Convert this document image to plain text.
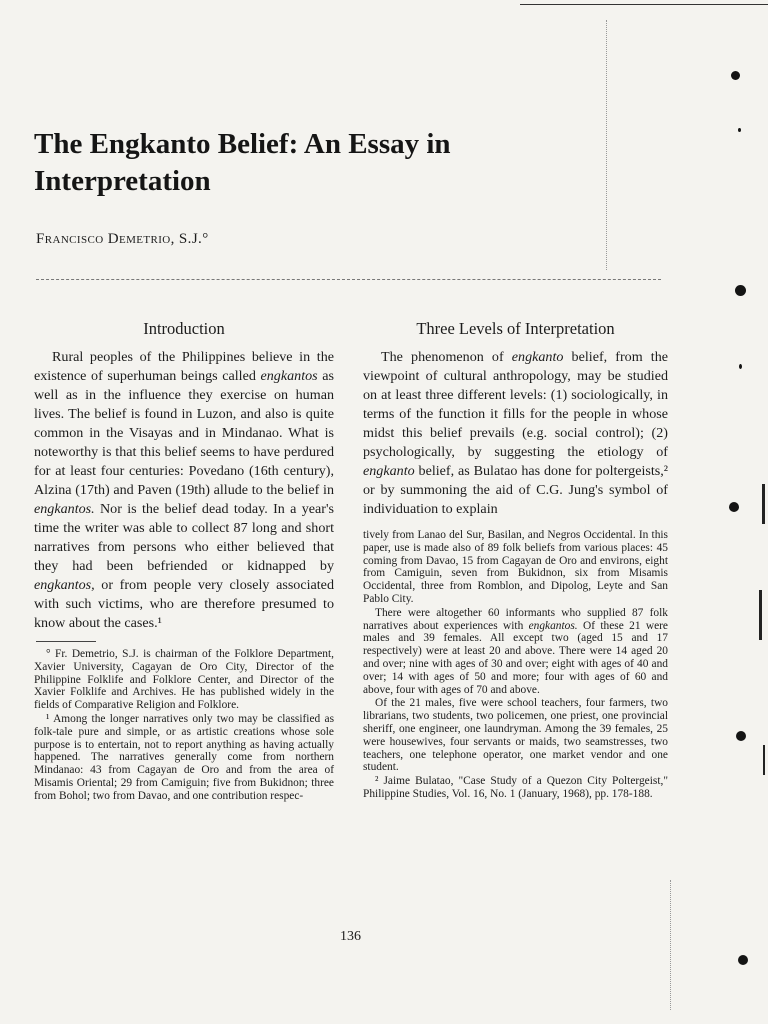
The Engkanto Belief: An Essay in Interpretation

Francisco Demetrio, S.J.°

Introduction

Rural peoples of the Philippines believe in the existence of superhuman beings called engkantos as well as in the influence they exercise on human lives. The belief is found in Luzon, and also is quite common in the Visayas and in Mindanao. What is noteworthy is that this belief seems to have perdured for at least four centuries: Povedano (16th century), Alzina (17th) and Paven (19th) allude to the belief in engkantos. Nor is the belief dead today. In a year's time the writer was able to collect 87 long and short narratives from persons who either believed that they had been befriended or kidnapped by engkantos, or from people very closely associated with such victims, who are therefore presumed to know about the cases.¹

° Fr. Demetrio, S.J. is chairman of the Folklore Department, Xavier University, Cagayan de Oro City, Director of the Philippine Folklife and Folklore Center, and Director of the Xavier Folklife and Archives. He has published widely in the fields of Comparative Religion and Folklore.

¹ Among the longer narratives only two may be classified as folk-tale pure and simple, or as artistic creations whose sole purpose is to entertain, not to report anything as having actually happened. The narratives generally come from northern Mindanao: 43 from Cagayan de Oro and from the area of Misamis Oriental; 29 from Camiguin; five from Bukidnon; three from Bohol; two from Davao, and one contribution respec-

Three Levels of Interpretation

The phenomenon of engkanto belief, from the viewpoint of cultural anthropology, may be studied on at least three different levels: (1) sociologically, in terms of the function it fills for the people in whose midst this belief prevails (e.g. social control); (2) psychologically, by suggesting the etiology of engkanto belief, as Bulatao has done for poltergeists,² or by summoning the aid of C.G. Jung's symbol of individuation to explain

tively from Lanao del Sur, Basilan, and Negros Occidental. In this paper, use is made also of 89 folk beliefs from various places: 45 coming from Davao, 15 from Cagayan de Oro and environs, eight from Camiguin, seven from Bukidnon, six from Misamis Occidental, three from Romblon, and Dipolog, Leyte and San Pablo City.

There were altogether 60 informants who supplied 87 folk narratives about experiences with engkantos. Of these 21 were males and 39 females. All except two (aged 15 and 17 respectively) were at least 20 and above. There were 14 aged 20 and over; nine with ages of 30 and over; eight with ages of 40 and over; 14 with ages of 50 and more; four with ages of 60 and above, four with ages of 70 and above.

Of the 21 males, five were school teachers, four farmers, two librarians, two students, two policemen, one priest, one provincial sheriff, one engineer, one laundryman. Among the 39 females, 25 were housewives, four servants or maids, two seamstresses, two teachers, one telephone operator, one market vendor and one student.

² Jaime Bulatao, "Case Study of a Quezon City Poltergeist," Philippine Studies, Vol. 16, No. 1 (January, 1968), pp. 178-188.

136
